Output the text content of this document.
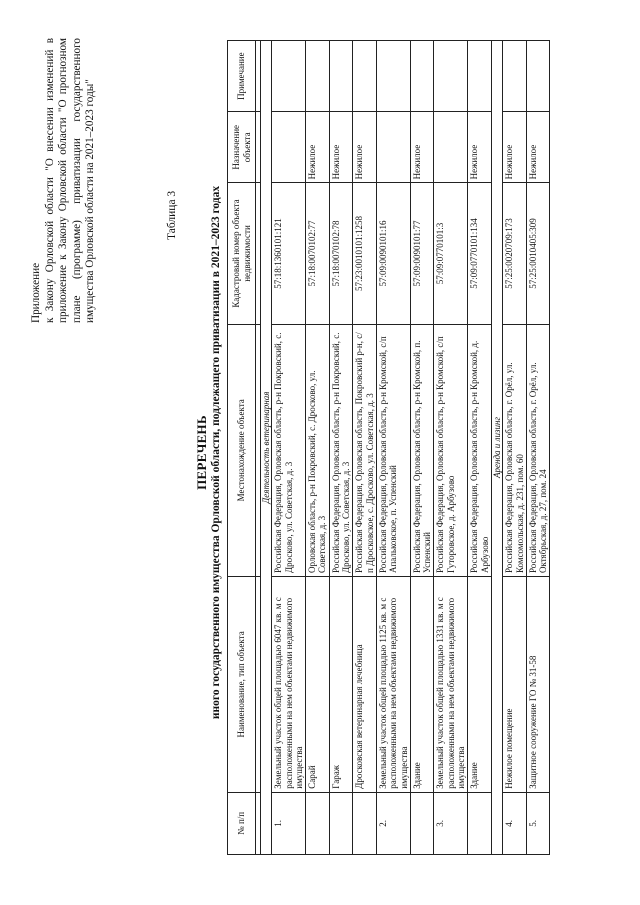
Приложение к Закону Орловской области "О внесении изменений в приложение к Закону Орловской области "О прогнозном плане (программе) приватизации государственного имущества Орловской области на 2021–2023 годы"	Таблица 3
ПЕРЕЧЕНЬ иного государственного имущества Орловской области, подлежащего приватизации в 2021–2023 годах
№ п/п	Наименование, тип объекта	Местонахождение объекта	Кадастровый номер объекта недвижимости	Назначение объекта	Примечание

Деятельность ветеринарная					
1.	Земельный участок общей площадью 6047 кв. м с расположенными на нем объектами недвижимого имущества	Российская Федерация, Орловская область, р-н Покровский, с. Дросково, ул. Советская, д. 3	57:18:1360101:121		
	Сарай	Орловская область, р-н Покровский, с. Дросково, ул. Советская, д. 3	57:18:0070102:77	Нежилое	
	Гараж	Российская Федерация, Орловская область, р-н Покровский, с. Дросково, ул. Советская, д. 3	57:18:0070102:78	Нежилое	
	Дросковская ветеринарная лечебница	Российская Федерация, Орловская область, Покровский р-н, с/п Дросковское, с. Дросково, ул. Советская, д. 3	57:23:0010101:1258	Нежилое	
2.	Земельный участок общей площадью 1125 кв. м с расположенными на нем объектами недвижимого имущества	Российская Федерация, Орловская область, р-н Кромской, с/п Апальковское, п. Успенский	57:09:0090101:16		
	Здание	Российская Федерация, Орловская область, р-н Кромской, п. Успенский	57:09:0090101:77	Нежилое	
3.	Земельный участок общей площадью 1331 кв. м с расположенными на нем объектами недвижимого имущества	Российская Федерация, Орловская область, р-н Кромской, с/п Гуторовское, д. Арбузово	57:09:0770101:3		
	Здание	Российская Федерация, Орловская область, р-н Кромской, д. Арбузово	57:09:0770101:134	Нежилое	
Аренда и лизинг					
4.	Нежилое помещение	Российская Федерация, Орловская область, г. Орёл, ул. Комсомольская, д. 231, пом. 60	57:25:0020709:173	Нежилое	
5.	Защитное сооружение ГО № 31-58	Российская Федерация, Орловская область, г. Орёл, ул. Октябрьская, д. 27, пом. 24	57:25:0010405:309	Нежилое	
